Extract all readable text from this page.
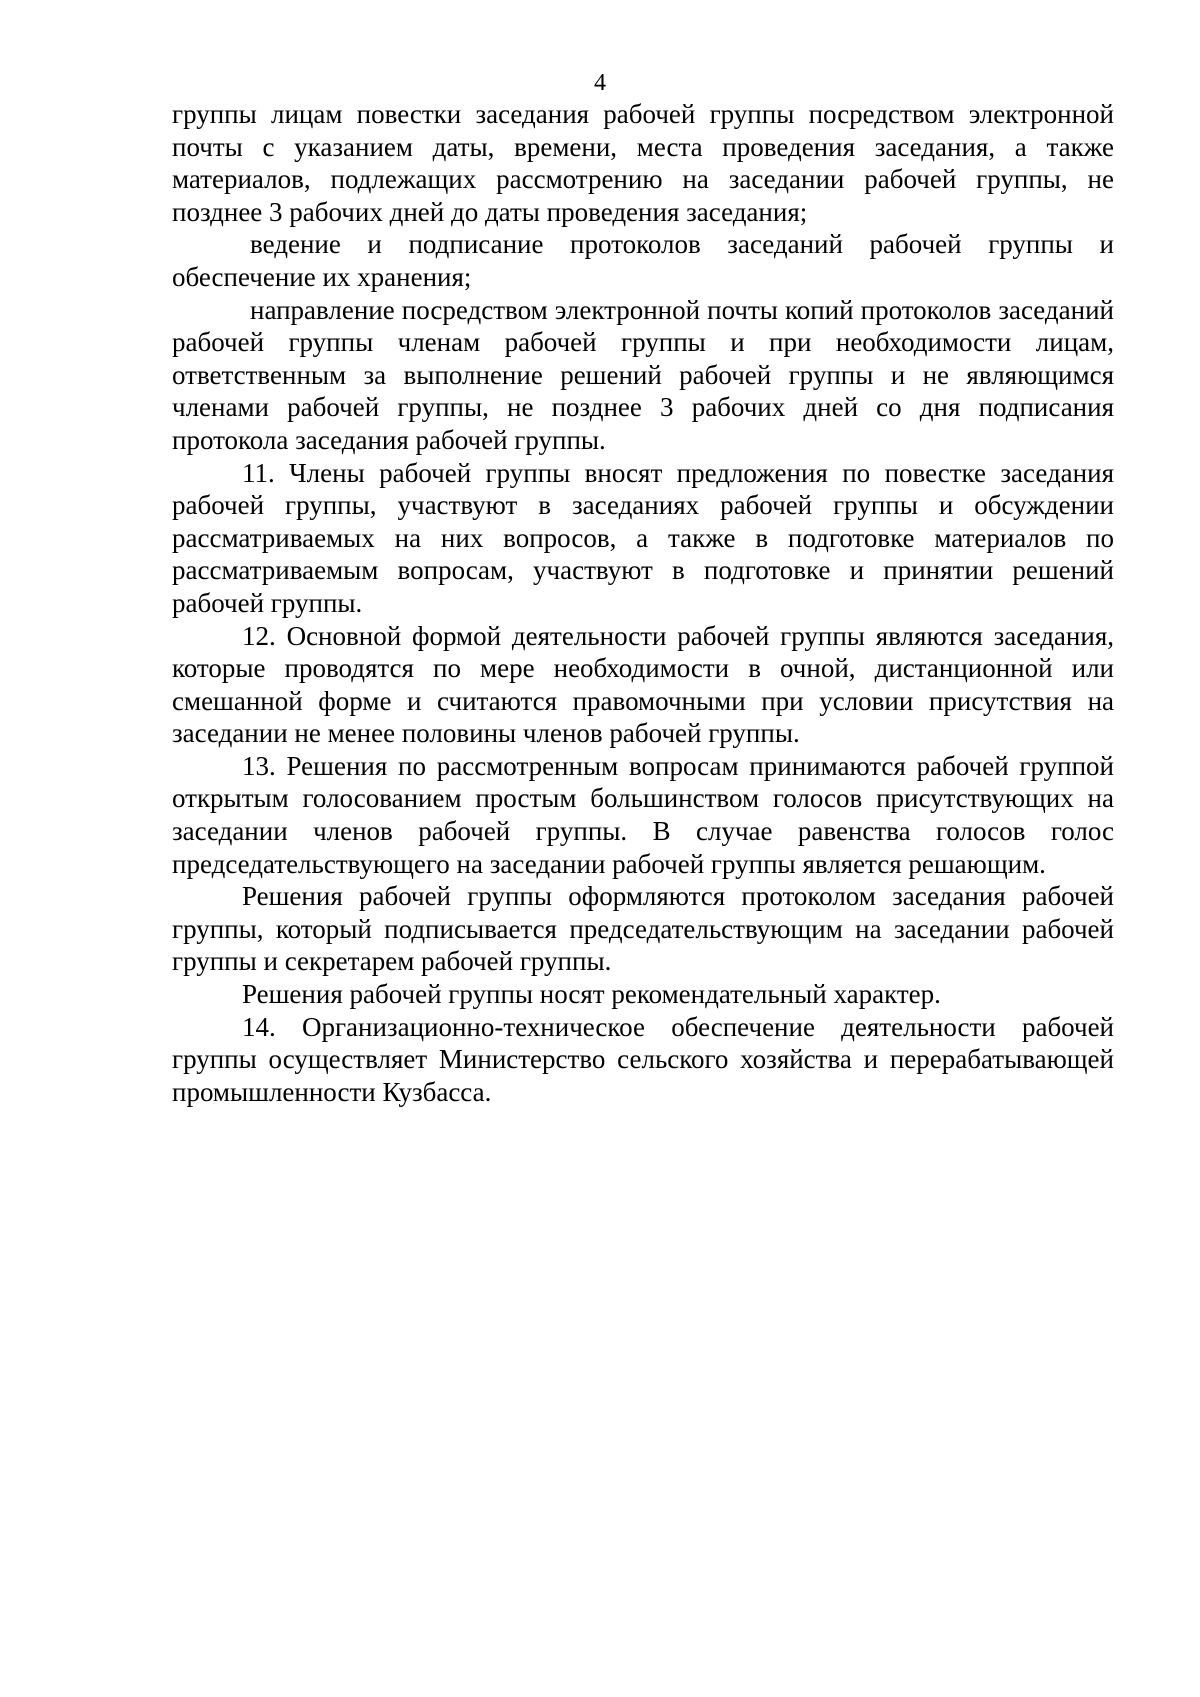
4

группы лицам повестки заседания рабочей группы посредством электронной почты с указанием даты, времени, места проведения заседания, а также материалов, подлежащих рассмотрению на заседании рабочей группы, не позднее 3 рабочих дней до даты проведения заседания;

ведение и подписание протоколов заседаний рабочей группы и обеспечение их хранения;

направление посредством электронной почты копий протоколов заседаний рабочей группы членам рабочей группы и при необходимости лицам, ответственным за выполнение решений рабочей группы и не являющимся членами рабочей группы, не позднее 3 рабочих дней со дня подписания протокола заседания рабочей группы.

11. Члены рабочей группы вносят предложения по повестке заседания рабочей группы, участвуют в заседаниях рабочей группы и обсуждении рассматриваемых на них вопросов, а также в подготовке материалов по рассматриваемым вопросам, участвуют в подготовке и принятии решений рабочей группы.

12. Основной формой деятельности рабочей группы являются заседания, которые проводятся по мере необходимости в очной, дистанционной или смешанной форме и считаются правомочными при условии присутствия на заседании не менее половины членов рабочей группы.

13. Решения по рассмотренным вопросам принимаются рабочей группой открытым голосованием простым большинством голосов присутствующих на заседании членов рабочей группы. В случае равенства голосов голос председательствующего на заседании рабочей группы является решающим.

Решения рабочей группы оформляются протоколом заседания рабочей группы, который подписывается председательствующим на заседании рабочей группы и секретарем рабочей группы.

Решения рабочей группы носят рекомендательный характер.

14. Организационно-техническое обеспечение деятельности рабочей группы осуществляет Министерство сельского хозяйства и перерабатывающей промышленности Кузбасса.
